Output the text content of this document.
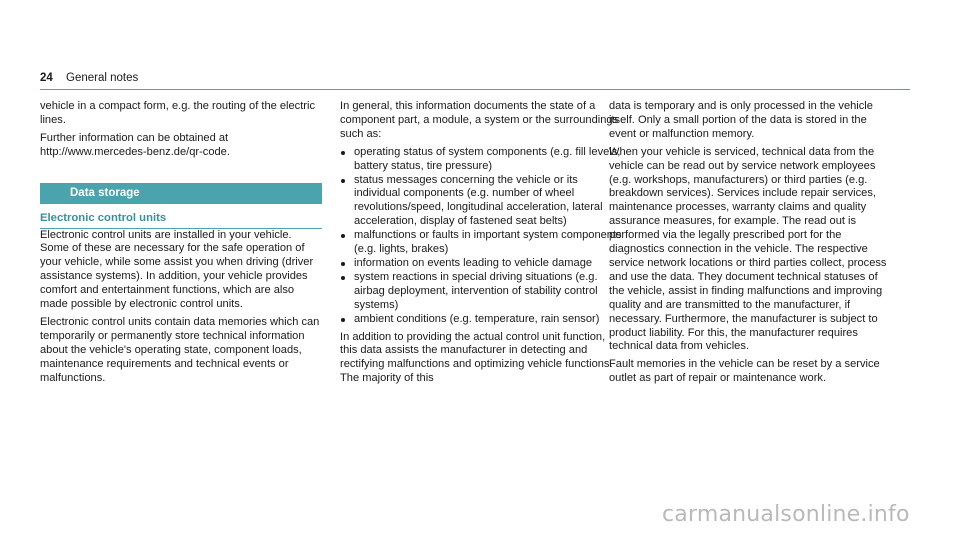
24 General notes

vehicle in a compact form, e.g. the routing of the electric lines.

Further information can be obtained at http://www.mercedes-benz.de/qr-code.

Data storage
Electronic control units

Electronic control units are installed in your vehicle. Some of these are necessary for the safe operation of your vehicle, while some assist you when driving (driver assistance systems). In addition, your vehicle provides comfort and entertainment functions, which are also made possible by electronic control units.

Electronic control units contain data memories which can temporarily or permanently store technical information about the vehicle's operating state, component loads, maintenance requirements and technical events or malfunctions.

In general, this information documents the state of a component part, a module, a system or the surroundings such as:

operating status of system components (e.g. fill levels, battery status, tire pressure)
status messages concerning the vehicle or its individual components (e.g. number of wheel revolutions/speed, longitudinal acceleration, lateral acceleration, display of fastened seat belts)
malfunctions or faults in important system components (e.g. lights, brakes)
information on events leading to vehicle damage
system reactions in special driving situations (e.g. airbag deployment, intervention of stability control systems)
ambient conditions (e.g. temperature, rain sensor)

In addition to providing the actual control unit function, this data assists the manufacturer in detecting and rectifying malfunctions and optimizing vehicle functions. The majority of this

data is temporary and is only processed in the vehicle itself. Only a small portion of the data is stored in the event or malfunction memory.

When your vehicle is serviced, technical data from the vehicle can be read out by service network employees (e.g. workshops, manufacturers) or third parties (e.g. breakdown services). Services include repair services, maintenance processes, warranty claims and quality assurance measures, for example. The read out is performed via the legally prescribed port for the diagnostics connection in the vehicle. The respective service network locations or third parties collect, process and use the data. They document technical statuses of the vehicle, assist in finding malfunctions and improving quality and are transmitted to the manufacturer, if necessary. Furthermore, the manufacturer is subject to product liability. For this, the manufacturer requires technical data from vehicles.

Fault memories in the vehicle can be reset by a service outlet as part of repair or maintenance work.

carmanualsonline.info
